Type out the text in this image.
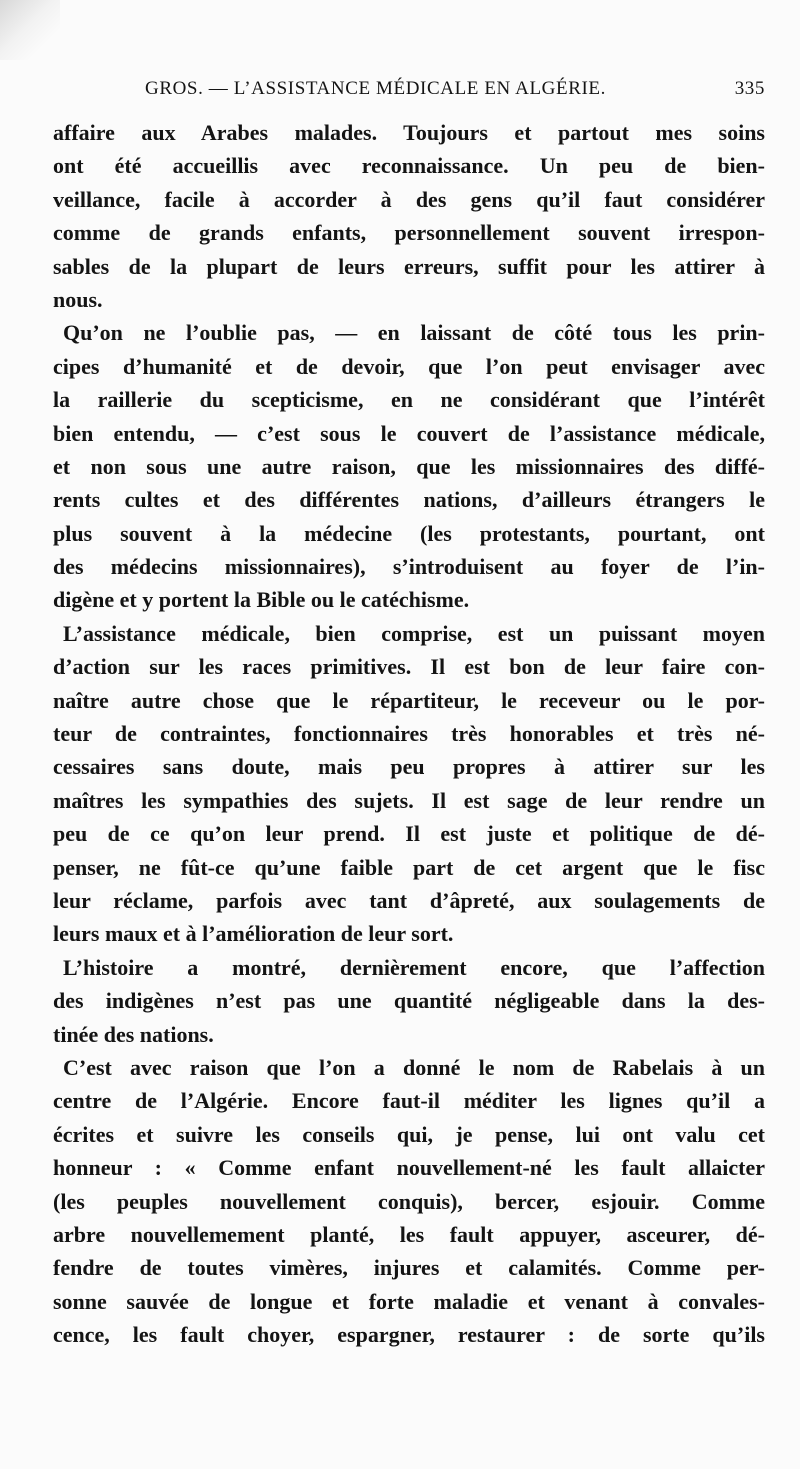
GROS. — L’ASSISTANCE MÉDICALE EN ALGÉRIE.	335
affaire aux Arabes malades. Toujours et partout mes soins
ont été accueillis avec reconnaissance. Un peu de bien-
veillance, facile à accorder à des gens qu’il faut considérer
comme de grands enfants, personnellement souvent irrespon-
sables de la plupart de leurs erreurs, suffit pour les attirer à
nous.
Qu’on ne l’oublie pas, — en laissant de côté tous les prin-
cipes d’humanité et de devoir, que l’on peut envisager avec
la raillerie du scepticisme, en ne considérant que l’intérêt
bien entendu, — c’est sous le couvert de l’assistance médicale,
et non sous une autre raison, que les missionnaires des diffé-
rents cultes et des différentes nations, d’ailleurs étrangers le
plus souvent à la médecine (les protestants, pourtant, ont
des médecins missionnaires), s’introduisent au foyer de l’in-
digène et y portent la Bible ou le catéchisme.
L’assistance médicale, bien comprise, est un puissant moyen
d’action sur les races primitives. Il est bon de leur faire con-
naître autre chose que le répartiteur, le receveur ou le por-
teur de contraintes, fonctionnaires très honorables et très né-
cessaires sans doute, mais peu propres à attirer sur les
maîtres les sympathies des sujets. Il est sage de leur rendre un
peu de ce qu’on leur prend. Il est juste et politique de dé-
penser, ne fût-ce qu’une faible part de cet argent que le fisc
leur réclame, parfois avec tant d’âpreté, aux soulagements de
leurs maux et à l’amélioration de leur sort.
L’histoire a montré, dernièrement encore, que l’affection
des indigènes n’est pas une quantité négligeable dans la des-
tinée des nations.
C’est avec raison que l’on a donné le nom de Rabelais à un
centre de l’Algérie. Encore faut-il méditer les lignes qu’il a
écrites et suivre les conseils qui, je pense, lui ont valu cet
honneur : « Comme enfant nouvellement-né les fault allaicter
(les peuples nouvellement conquis), bercer, esjouir. Comme
arbre nouvellemement planté, les fault appuyer, asceurer, dé-
fendre de toutes vimères, injures et calamités. Comme per-
sonne sauvée de longue et forte maladie et venant à convales-
cence, les fault choyer, espargner, restaurer : de sorte qu’ils
